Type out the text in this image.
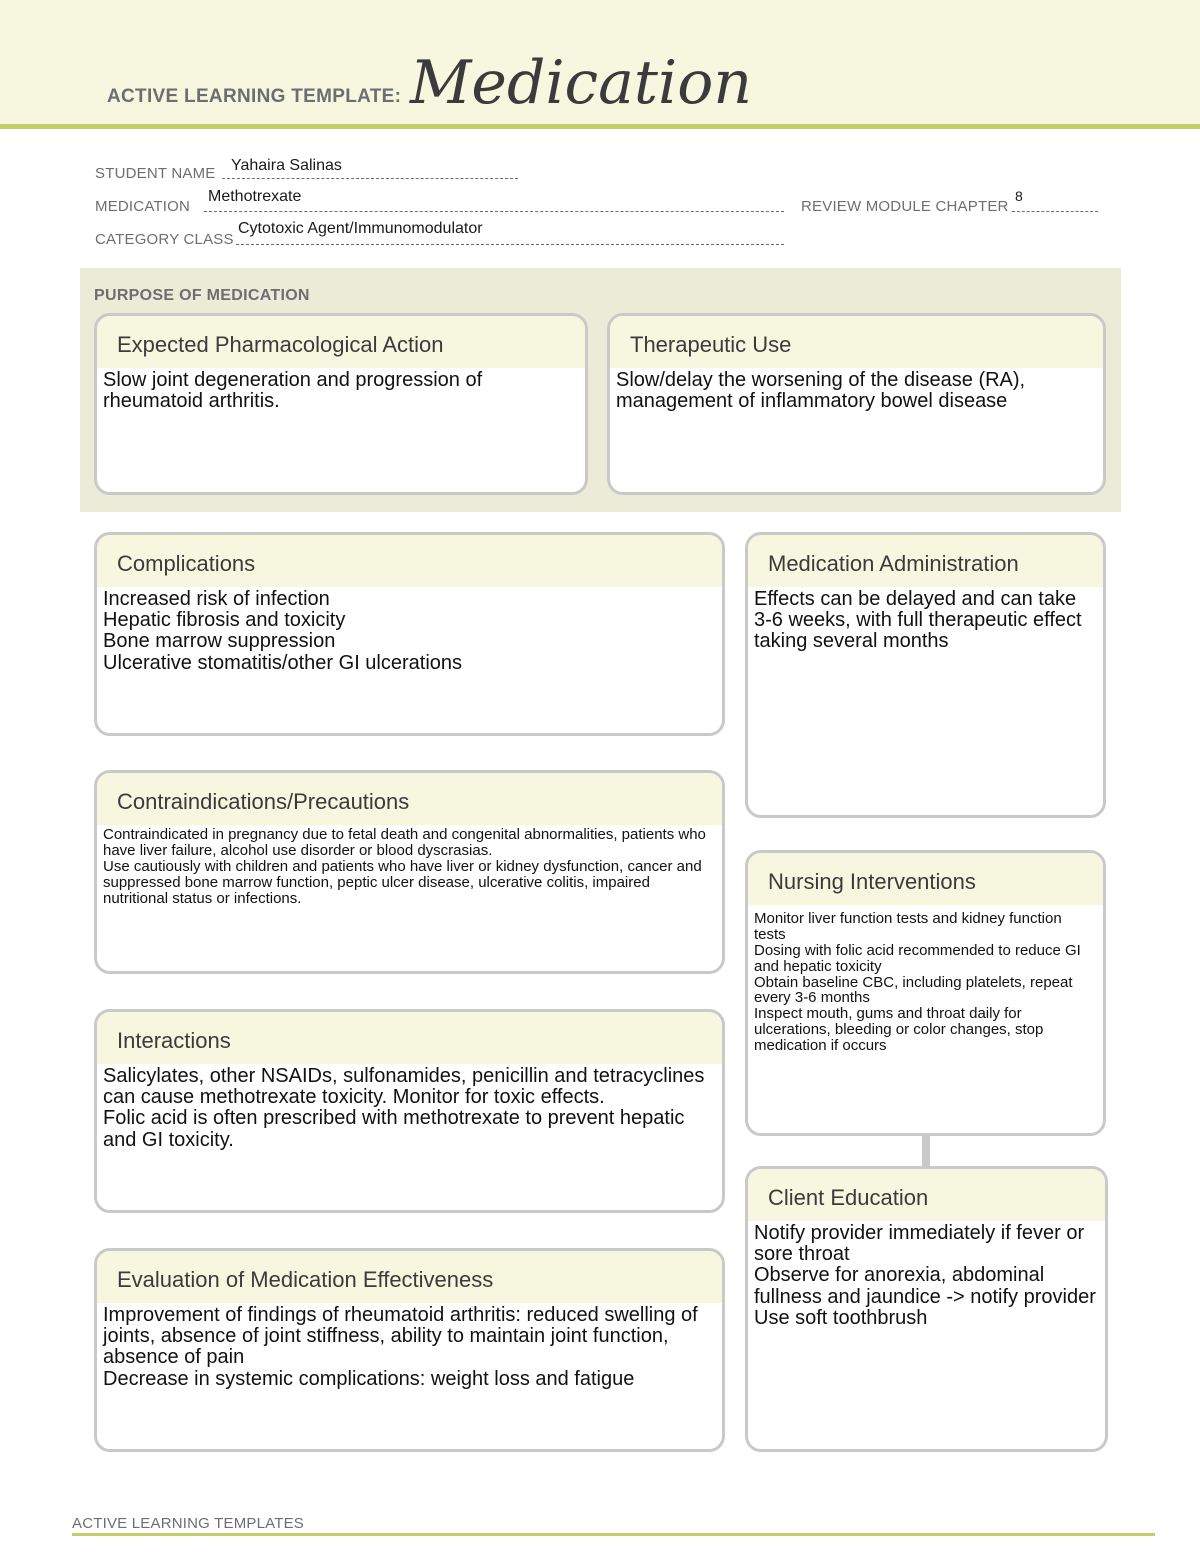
ACTIVE LEARNING TEMPLATE: Medication
STUDENT NAME Yahaira Salinas
MEDICATION
Methotrexate
REVIEW MODULE CHAPTER
8
CATEGORY CLASS
Cytotoxic Agent/Immunomodulator
PURPOSE OF MEDICATION
Expected Pharmacological Action
Slow joint degeneration and progression of rheumatoid arthritis.
Therapeutic Use
Slow/delay the worsening of the disease (RA), management of inflammatory bowel disease
Complications
Increased risk of infection
Hepatic fibrosis and toxicity
Bone marrow suppression
Ulcerative stomatitis/other GI ulcerations
Contraindications/Precautions
Contraindicated in pregnancy due to fetal death and congenital abnormalities, patients who have liver failure, alcohol use disorder or blood dyscrasias.
Use cautiously with children and patients who have liver or kidney dysfunction, cancer and suppressed bone marrow function, peptic ulcer disease, ulcerative colitis, impaired nutritional status or infections.
Interactions
Salicylates, other NSAIDs, sulfonamides, penicillin and tetracyclines can cause methotrexate toxicity. Monitor for toxic effects.
Folic acid is often prescribed with methotrexate to prevent hepatic and GI toxicity.
Evaluation of Medication Effectiveness
Improvement of findings of rheumatoid arthritis: reduced swelling of joints, absence of joint stiffness, ability to maintain joint function, absence of pain
Decrease in systemic complications: weight loss and fatigue
Medication Administration
Effects can be delayed and can take 3-6 weeks, with full therapeutic effect taking several months
Nursing Interventions
Monitor liver function tests and kidney function tests
Dosing with folic acid recommended to reduce GI and hepatic toxicity
Obtain baseline CBC, including platelets, repeat every 3-6 months
Inspect mouth, gums and throat daily for ulcerations, bleeding or color changes, stop medication if occurs
Client Education
Notify provider immediately if fever or sore throat
Observe for anorexia, abdominal fullness and jaundice -> notify provider
Use soft toothbrush
ACTIVE LEARNING TEMPLATES
